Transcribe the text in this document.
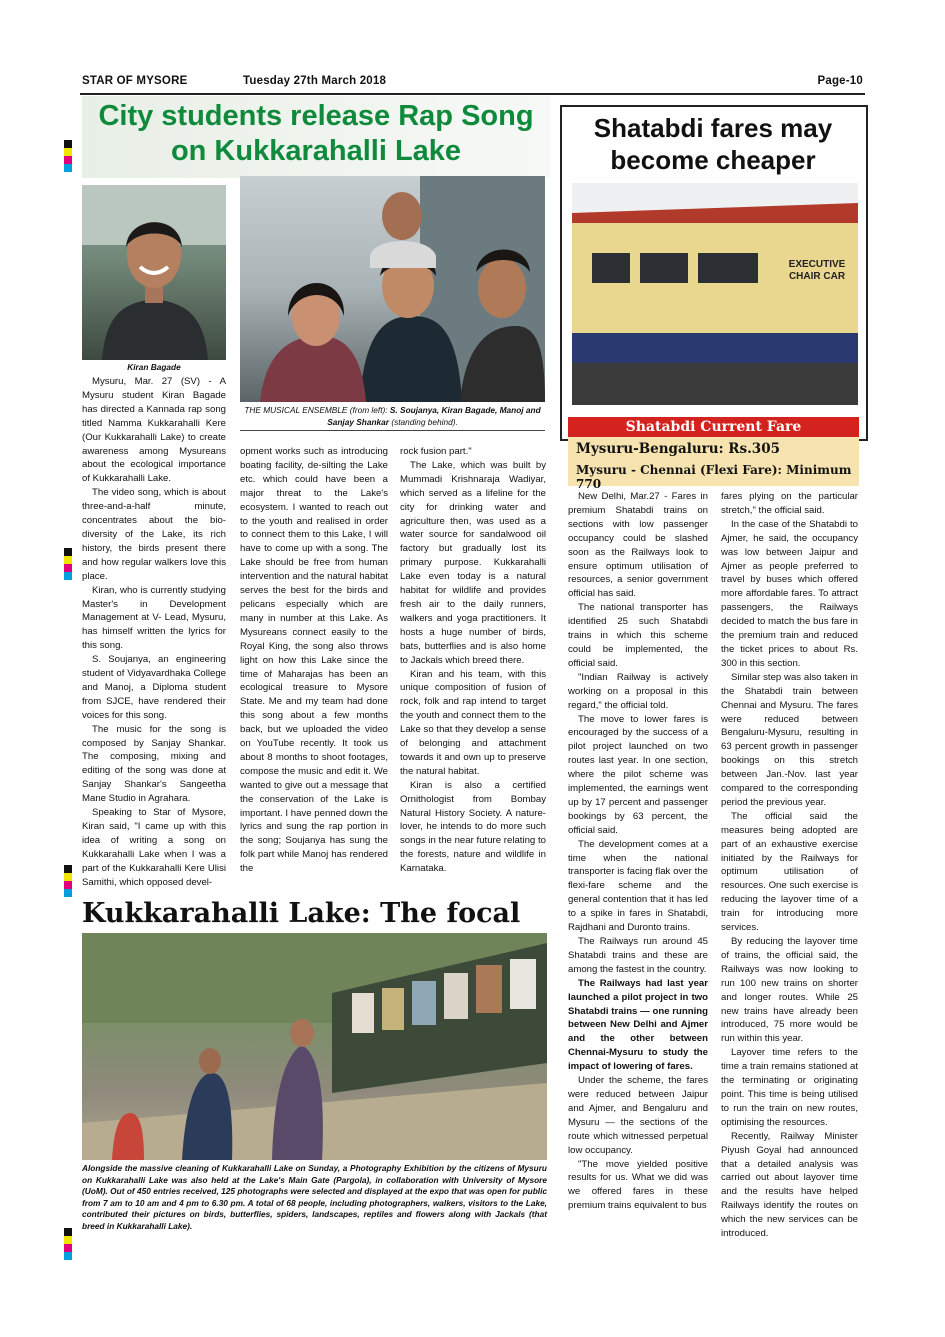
STAR OF MYSORE	Tuesday 27th March 2018	Page-10
City students release Rap Song on Kukkarahalli Lake
Kiran Bagade
THE MUSICAL ENSEMBLE (from left): S. Soujanya, Kiran Bagade, Manoj and Sanjay Shankar (standing behind).

Mysuru, Mar. 27 (SV) - A Mysuru student Kiran Bagade has directed a Kannada rap song titled Namma Kukkarahalli Kere (Our Kukkarahalli Lake) to create awareness among Mysureans about the ecological importance of Kukkarahalli Lake.

The video song, which is about three-and-a-half minute, concentrates about the bio-diversity of the Lake, its rich history, the birds present there and how regular walkers love this place.

Kiran, who is currently studying Master's in Development Management at V- Lead, Mysuru, has himself written the lyrics for this song.

S. Soujanya, an engineering student of Vidyavardhaka College and Manoj, a Diploma student from SJCE, have rendered their voices for this song.

The music for the song is composed by Sanjay Shankar. The composing, mixing and editing of the song was done at Sanjay Shankar's Sangeetha Mane Studio in Agrahara.

Speaking to Star of Mysore, Kiran said, "I came up with this idea of writing a song on Kukkarahalli Lake when I was a part of the Kukkarahalli Kere Ulisi Samithi, which opposed devel-

opment works such as introducing boating facility, de-silting the Lake etc. which could have been a major threat to the Lake's ecosystem. I wanted to reach out to the youth and realised in order to connect them to this Lake, I will have to come up with a song. The Lake should be free from human intervention and the natural habitat serves the best for the birds and pelicans especially which are many in number at this Lake. As Mysureans connect easily to the Royal King, the song also throws light on how this Lake since the time of Maharajas has been an ecological treasure to Mysore State. Me and my team had done this song about a few months back, but we uploaded the video on YouTube recently. It took us about 8 months to shoot footages, compose the music and edit it. We wanted to give out a message that the conservation of the Lake is important. I have penned down the lyrics and sung the rap portion in the song; Soujanya has sung the folk part while Manoj has rendered the

rock fusion part."

The Lake, which was built by Mummadi Krishnaraja Wadiyar, which served as a lifeline for the city for drinking water and agriculture then, was used as a water source for sandalwood oil factory but gradually lost its primary purpose. Kukkarahalli Lake even today is a natural habitat for wildlife and provides fresh air to the daily runners, walkers and yoga practitioners. It hosts a huge number of birds, bats, butterflies and is also home to Jackals which breed there.

Kiran and his team, with this unique composition of fusion of rock, folk and rap intend to target the youth and connect them to the Lake so that they develop a sense of belonging and attachment towards it and own up to preserve the natural habitat.

Kiran is also a certified Ornithologist from Bombay Natural History Society. A nature-lover, he intends to do more such songs in the near future relating to the forests, nature and wildlife in Karnataka.

Kukkarahalli Lake: The focal
Alongside the massive cleaning of Kukkarahalli Lake on Sunday, a Photography Exhibition by the citizens of Mysuru on Kukkarahalli Lake was also held at the Lake's Main Gate (Pargola), in collaboration with University of Mysore (UoM). Out of 450 entries received, 125 photographs were selected and displayed at the expo that was open for public from 7 am to 10 am and 4 pm to 6.30 pm. A total of 68 people, including photographers, walkers, visitors to the Lake, contributed their pictures on birds, butterflies, spiders, landscapes, reptiles and flowers along with Jackals (that breed in Kukkarahalli Lake).
Shatabdi fares may become cheaper
EXECUTIVE CHAIR CAR
Shatabdi Current Fare
Mysuru-Bengaluru: Rs.305
Mysuru - Chennai (Flexi Fare): Minimum 770

New Delhi, Mar.27 - Fares in premium Shatabdi trains on sections with low passenger occupancy could be slashed soon as the Railways look to ensure optimum utilisation of resources, a senior government official has said.

The national transporter has identified 25 such Shatabdi trains in which this scheme could be implemented, the official said.

"Indian Railway is actively working on a proposal in this regard," the official told.

The move to lower fares is encouraged by the success of a pilot project launched on two routes last year. In one section, where the pilot scheme was implemented, the earnings went up by 17 percent and passenger bookings by 63 percent, the official said.

The development comes at a time when the national transporter is facing flak over the flexi-fare scheme and the general contention that it has led to a spike in fares in Shatabdi, Rajdhani and Duronto trains.

The Railways run around 45 Shatabdi trains and these are among the fastest in the country.

The Railways had last year launched a pilot project in two Shatabdi trains — one running between New Delhi and Ajmer and the other between Chennai-Mysuru to study the impact of lowering of fares.

Under the scheme, the fares were reduced between Jaipur and Ajmer, and Bengaluru and Mysuru — the sections of the route which witnessed perpetual low occupancy.

"The move yielded positive results for us. What we did was we offered fares in these premium trains equivalent to bus

fares plying on the particular stretch," the official said.

In the case of the Shatabdi to Ajmer, he said, the occupancy was low between Jaipur and Ajmer as people preferred to travel by buses which offered more affordable fares. To attract passengers, the Railways decided to match the bus fare in the premium train and reduced the ticket prices to about Rs. 300 in this section.

Similar step was also taken in the Shatabdi train between Chennai and Mysuru. The fares were reduced between Bengaluru-Mysuru, resulting in 63 percent growth in passenger bookings on this stretch between Jan.-Nov. last year compared to the corresponding period the previous year.

The official said the measures being adopted are part of an exhaustive exercise initiated by the Railways for optimum utilisation of resources. One such exercise is reducing the layover time of a train for introducing more services.

By reducing the layover time of trains, the official said, the Railways was now looking to run 100 new trains on shorter and longer routes. While 25 new trains have already been introduced, 75 more would be run within this year.

Layover time refers to the time a train remains stationed at the terminating or originating point. This time is being utilised to run the train on new routes, optimising the resources.

Recently, Railway Minister Piyush Goyal had announced that a detailed analysis was carried out about layover time and the results have helped Railways identify the routes on which the new services can be introduced.
